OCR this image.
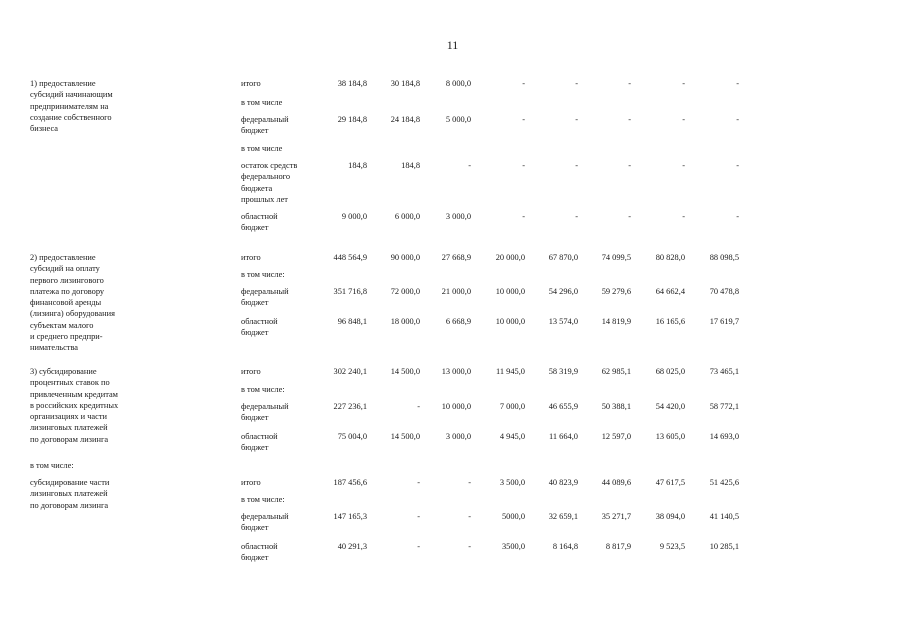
11
1) предоставление
субсидий начинающим
предпринимателям на
создание собственного
бизнеса
итого	38 184,8	30 184,8	8 000,0	-	-	-	-	-
в том числе
федеральный
бюджет
29 184,8	24 184,8	5 000,0	-	-	-	-	-
в том числе
остаток средств
федерального
бюджета
прошлых лет
184,8	184,8	-	-	-	-	-	-
областной
бюджет
9 000,0	6 000,0	3 000,0	-	-	-	-	-
2) предоставление
субсидий на оплату
первого лизингового
платежа по договору
финансовой аренды
(лизинга) оборудования
субъектам малого
и среднего предпри-
нимательства
итого	448 564,9	90 000,0	27 668,9	20 000,0	67 870,0	74 099,5	80 828,0	88 098,5
в том числе:
федеральный
бюджет
351 716,8	72 000,0	21 000,0	10 000,0	54 296,0	59 279,6	64 662,4	70 478,8
областной
бюджет
96 848,1	18 000,0	6 668,9	10 000,0	13 574,0	14 819,9	16 165,6	17 619,7
3) субсидирование
процентных ставок по
привлеченным кредитам
в российских кредитных
организациях и части
лизинговых платежей
по договорам лизинга
итого	302 240,1	14 500,0	13 000,0	11 945,0	58 319,9	62 985,1	68 025,0	73 465,1
в том числе:
федеральный
бюджет
227 236,1	-	10 000,0	7 000,0	46 655,9	50 388,1	54 420,0	58 772,1
областной
бюджет
75 004,0	14 500,0	3 000,0	4 945,0	11 664,0	12 597,0	13 605,0	14 693,0
в том числе:
субсидирование части
лизинговых платежей
по договорам лизинга
итого	187 456,6	-	-	3 500,0	40 823,9	44 089,6	47 617,5	51 425,6
в том числе:
федеральный
бюджет
147 165,3	-	-	5000,0	32 659,1	35 271,7	38 094,0	41 140,5
областной
бюджет
40 291,3	-	-	3500,0	8 164,8	8 817,9	9 523,5	10 285,1
